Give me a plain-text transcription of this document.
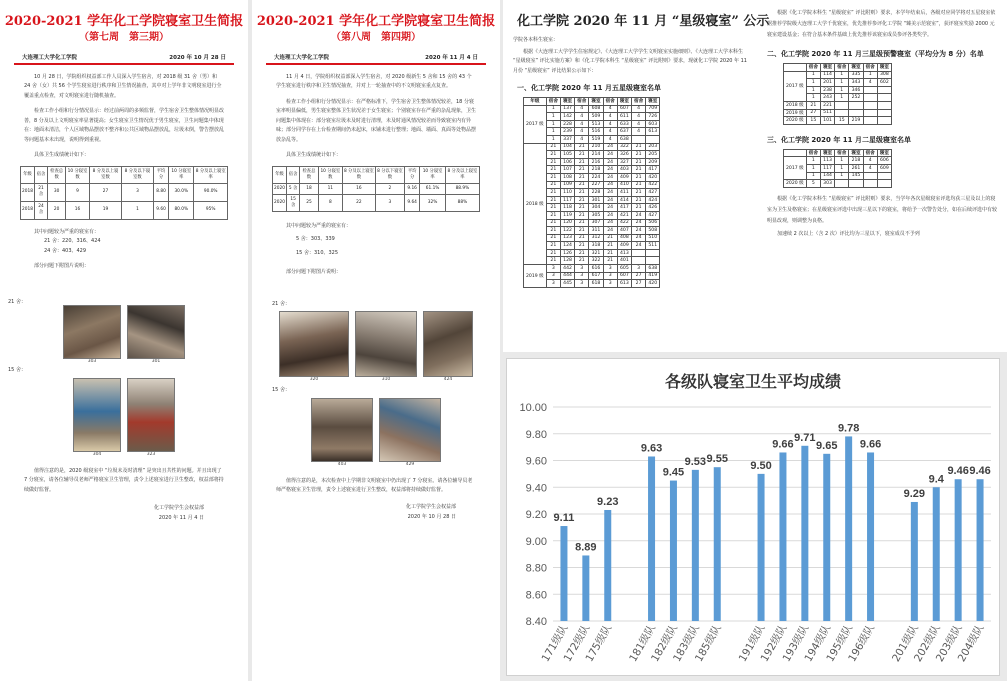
2020-2021 学年化工学院寝室卫生简报
（第七周　第三期）
大连理工大学化工学院	2020 年 10 月 28 日

10 月 28 日，学院组织权益部工作人员深入学生宿舍，对 2018 级 31 舍（男）和 24 舍（女）共 56 个学生寝室进行秩序和卫生情况抽查，其中对上学年非文明寝室进行全覆盖重点检查，对文明寝室进行随机抽查。

检查工作小组和行分情况显示：经过前两周的多频监督，学生宿舍卫生整体情况明显改善，8 分及以上文明寝室率显著提高；女生寝室卫生情况优于男生寝室，卫生问题集中体现在：地面未清洁，个人区域物品摆放不整齐和公共区域物品摆放乱，垃圾未倒，警告摆放乱等问题基本未出现，说明得到重视。

具体卫生成绩统计如下：

年级	宿舍	检查总数	10 分寝室数	8 分及以上寝室数	8 分及以下寝室数	平均分	10 分寝室率	8 分及以上寝室率
2018	21 舍	30	9	27	3	8.80	30.0%	90.0%
2018	24 舍	20	16	19	1	9.60	80.0%	95%

其中问题较为严重的寝室有：

21 舍：220、316、424

24 舍：403、429

部分问题下附图片说明：

21 舍：

303	301

15 舍：

304	323

值得注意的是，2020 级寝室中 “垃圾未及时清理” 是突出且共性的问题。并且出现了 7 分寝室，请各位辅导员老师严格寝室卫生管理，责令上述寝室进行卫生整改，权益部将持续做好监督。

化工学院学生会权益部
2020 年 11 月 4 日
2020-2021 学年化工学院寝室卫生简报
（第八周　第四期）
大连理工大学化工学院	2020 年 11 月 4 日

11 月 4 日，学院组织权益部深入学生宿舍，对 2020 级新生 5 舍和 15 舍的 43 个学生寝室进行秩序和卫生情况抽查，并对上一轮抽查中的不文明寝室重点复查。

检查工作小组和行分情况显示：在严格标准下，学生宿舍卫生整体情况较差，18 分寝室率明显偏低，男生寝室整体卫生状况差于女生寝室；个别寝室存在严重的杂乱现象，卫生问题集中体现在：部分寝室垃圾未及时进行清理，未及时通风情况较差而导致寝室内有异味；部分同学存在上台检查期间仍未起床，床铺未进行整理；地面、墙面、真面等处物品摆放杂乱等。

具体卫生成绩统计如下：

年级	宿舍	检查总数	10 分寝室数	8 分及以上寝室数	8 分以下寝室数	平均分	10 分寝室率	8 分及以上寝室率
2020	5 舍	18	11	16	2	9.16	61.1%	88.9%
2020	15 舍	25	8	22	3	9.64	32%	88%

其中问题较为严重的寝室有：

5 舍：303、339

15 舍：310、325

部分问题下附图片说明：

21 舍：

320	310	424

15 舍：

403	429

值得注意的是，本次检查中上学期非文明寝室中仍出现了 7 分寝室。请各位辅导员老师严格寝室卫生管理，责令上述寝室进行卫生整改，权益部将持续做好监督。

化工学院学生会权益部
2020 年 10 月 28 日
化工学院 2020 年 11 月 “星级寝室” 公示

学院各本科生寝室：

根据《大连理工大学学生住宿规定》、《大连理工大学学生文明寝室实施细则》、《大连理工大学本科生 “星级寝室” 评比实施方案》和《化工学院本科生 “星级寝室” 评比附则》要求，现就化工学院 2020 年 11 月份 “星级寝室” 评比结果公示如下：

一、化工学院 2020 年 11 月五星级寝室名单
年级	宿舍	寝室	宿舍	寝室	宿舍	寝室	宿舍	寝室
2017 级	1	137	4	608	4	607	4	709
	1	142	4	509	4	611	4	726
	1	228	4	513	4	633	4	603
	1	239	4	516	4	637	4	613
	1	337	4	519	4	638		
2018 级	21	104	21	210	24	322	21	203
	21	105	21	214	24	326	21	205
	21	106	21	216	24	327	21	209
	21	107	21	218	24	403	21	417
	21	108	21	224	24	409	21	420
	21	109	21	227	24	410	21	422
	21	110	21	228	24	411	21	427
	21	117	21	301	24	414	21	424
	21	118	21	304	24	417	21	426
	21	119	21	305	24	421	24	427
	21	120	21	307	24	422	24	506
	21	122	21	311	24	407	24	508
	21	123	21	312	21	408	24	510
	21	124	21	318	21	409	24	511
	21	126	21	321	21	413		
	21	128	21	322	21	401		
2019 级	3	442	3	616	3	605	3	638
	3	444	3	617	3	607	27	419
	3	445	3	618	3	613	27	420

根据《化工学院本科生 “星级寝室” 评比附则》要求，本学年结束后，各级对应同学将对五星寝室依据推荐学院级大连理工大学千优寝室，优先推荐参评化工学院 “臻美示范寝室”，获评寝室奖励 2000 元寝室建设基金；在符合基本条件基础上优先推荐该寝室成员参评各类奖学。

二、化工学院 2020 年 11 月三星级预警寝室（平均分为 8 分）名单
	宿舍	寝室	宿舍	寝室	宿舍	寝室
2017 级	1	114	1	335	1	308
	1	201	1	343	4	602
	1	238	1	346		
	1	243	1	252		
2018 级	21	221				
2019 级	27	511				
2020 级	15	101	15	219		
三、化工学院 2020 年 11 月二星级寝室名单
	宿舍	寝室	宿舍	寝室	宿舍	寝室
2017 级	1	113	1	218	4	606
	1	117	1	261	4	609
	1	144	1	145		
2020 级	5	303				

根据《化工学院本科生 “星级寝室” 评比附则》要求，当学年各次星级寝室评选均获三星及以上的寝室为卫生及格寝室；在星级寝室评选中出现三星以下的寝室，将给予一次警告处分，如在后续评选中有较明显改观，则调整为良格。

加速续 2 次以上（含 2 次）评比均为三星以下，寝室成员不予列

各级队寝室卫生平均成绩
8.40
8.60
8.80
9.00
9.20
9.40
9.60
9.80
10.00
9.11
171级队
8.89
172级队
9.23
175级队
9.63
181级队
9.45
182级队
9.53
183级队
9.55
185级队
9.50
191级队
9.66
192级队
9.71
193级队
9.65
194级队
9.78
195级队
9.66
196级队
9.29
201级队
9.4
202级队
9.46
203级队
9.46
204级队
